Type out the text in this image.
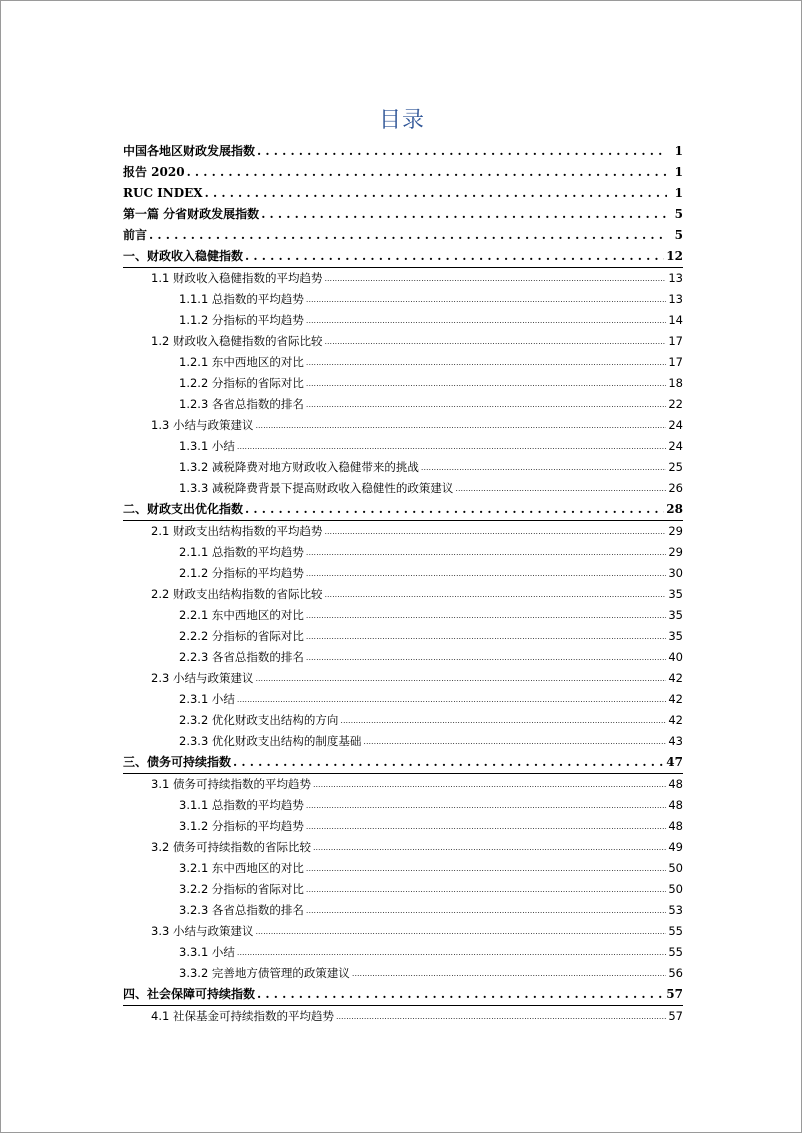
目录
中国各地区财政发展指数 . . .	1
报告 2020 . . .	1
RUC INDEX . . .	1
第一篇 分省财政发展指数 . . .	5
前言 . . .	5
一、财政收入稳健指数 . . .	12
1.1 财政收入稳健指数的平均趋势 .....	13
1.1.1 总指数的平均趋势 .....	13
1.1.2 分指标的平均趋势 .....	14
1.2 财政收入稳健指数的省际比较 .....	17
1.2.1 东中西地区的对比 .....	17
1.2.2 分指标的省际对比 .....	18
1.2.3 各省总指数的排名 .....	22
1.3 小结与政策建议 .....	24
1.3.1 小结 .....	24
1.3.2 减税降费对地方财政收入稳健带来的挑战 .....	25
1.3.3 减税降费背景下提高财政收入稳健性的政策建议 .....	26
二、财政支出优化指数 . . .	28
2.1 财政支出结构指数的平均趋势 .....	29
2.1.1 总指数的平均趋势 .....	29
2.1.2 分指标的平均趋势 .....	30
2.2 财政支出结构指数的省际比较 .....	35
2.2.1 东中西地区的对比 .....	35
2.2.2 分指标的省际对比 .....	35
2.2.3 各省总指数的排名 .....	40
2.3 小结与政策建议 .....	42
2.3.1 小结 .....	42
2.3.2 优化财政支出结构的方向 .....	42
2.3.3 优化财政支出结构的制度基础 .....	43
三、债务可持续指数 . . .	47
3.1 债务可持续指数的平均趋势 .....	48
3.1.1 总指数的平均趋势 .....	48
3.1.2 分指标的平均趋势 .....	48
3.2 债务可持续指数的省际比较 .....	49
3.2.1 东中西地区的对比 .....	50
3.2.2 分指标的省际对比 .....	50
3.2.3 各省总指数的排名 .....	53
3.3 小结与政策建议 .....	55
3.3.1 小结 .....	55
3.3.2 完善地方债管理的政策建议 .....	56
四、社会保障可持续指数 . . .	57
4.1 社保基金可持续指数的平均趋势 .....	57
